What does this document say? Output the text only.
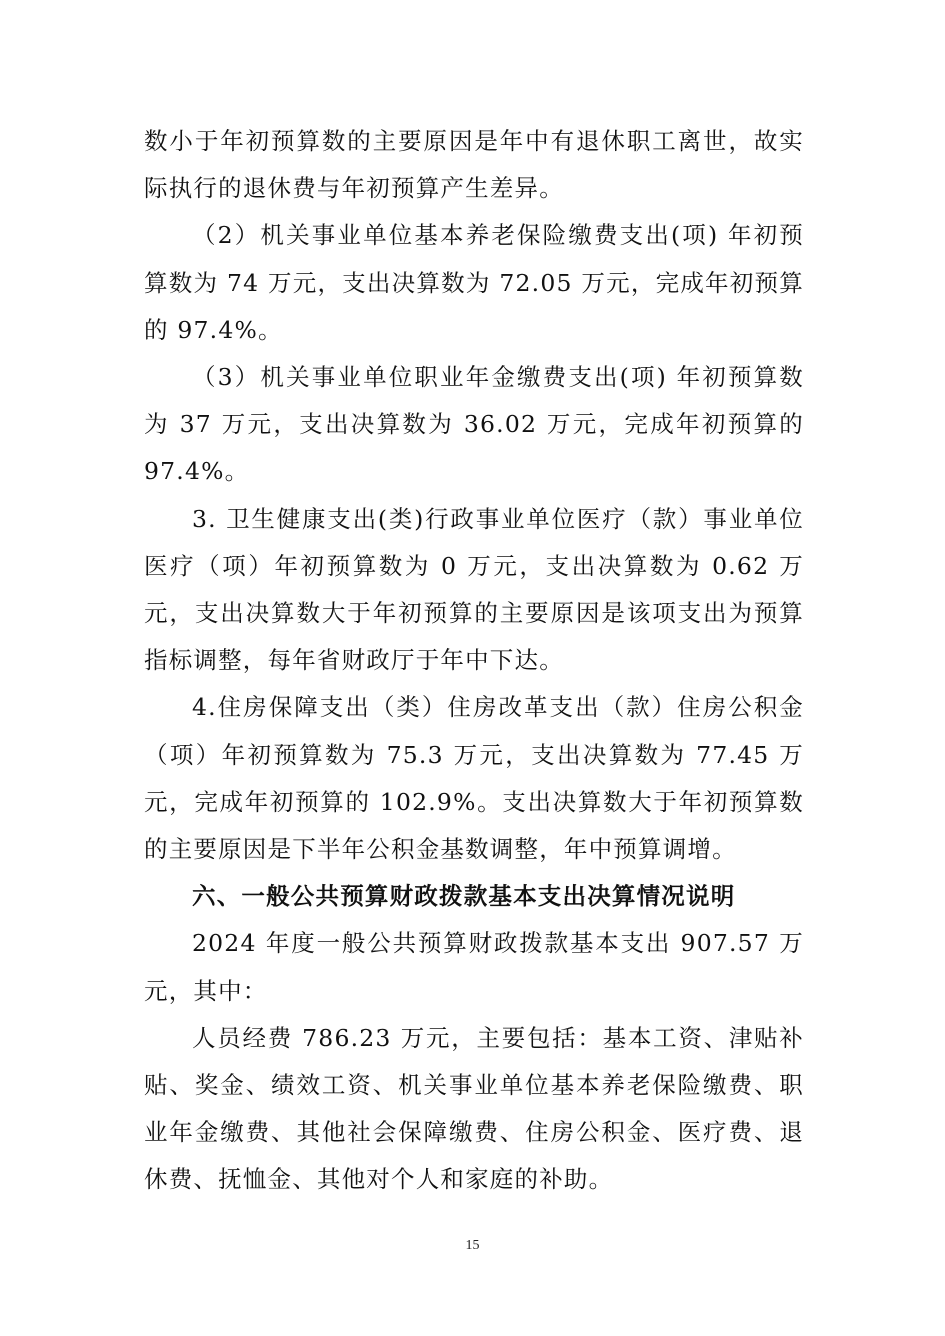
数小于年初预算数的主要原因是年中有退休职工离世，故实际执行的退休费与年初预算产生差异。

（2）机关事业单位基本养老保险缴费支出(项) 年初预算数为 74 万元，支出决算数为 72.05 万元，完成年初预算的 97.4%。

（3）机关事业单位职业年金缴费支出(项) 年初预算数为 37 万元，支出决算数为 36.02 万元，完成年初预算的 97.4%。

3. 卫生健康支出(类)行政事业单位医疗（款）事业单位医疗（项）年初预算数为 0 万元，支出决算数为 0.62 万元，支出决算数大于年初预算的主要原因是该项支出为预算指标调整，每年省财政厅于年中下达。

4.住房保障支出（类）住房改革支出（款）住房公积金（项）年初预算数为 75.3 万元，支出决算数为 77.45 万元，完成年初预算的 102.9%。支出决算数大于年初预算数的主要原因是下半年公积金基数调整，年中预算调增。

六、一般公共预算财政拨款基本支出决算情况说明

2024 年度一般公共预算财政拨款基本支出 907.57 万元，其中：

人员经费 786.23 万元，主要包括：基本工资、津贴补贴、奖金、绩效工资、机关事业单位基本养老保险缴费、职业年金缴费、其他社会保障缴费、住房公积金、医疗费、退休费、抚恤金、其他对个人和家庭的补助。

15
